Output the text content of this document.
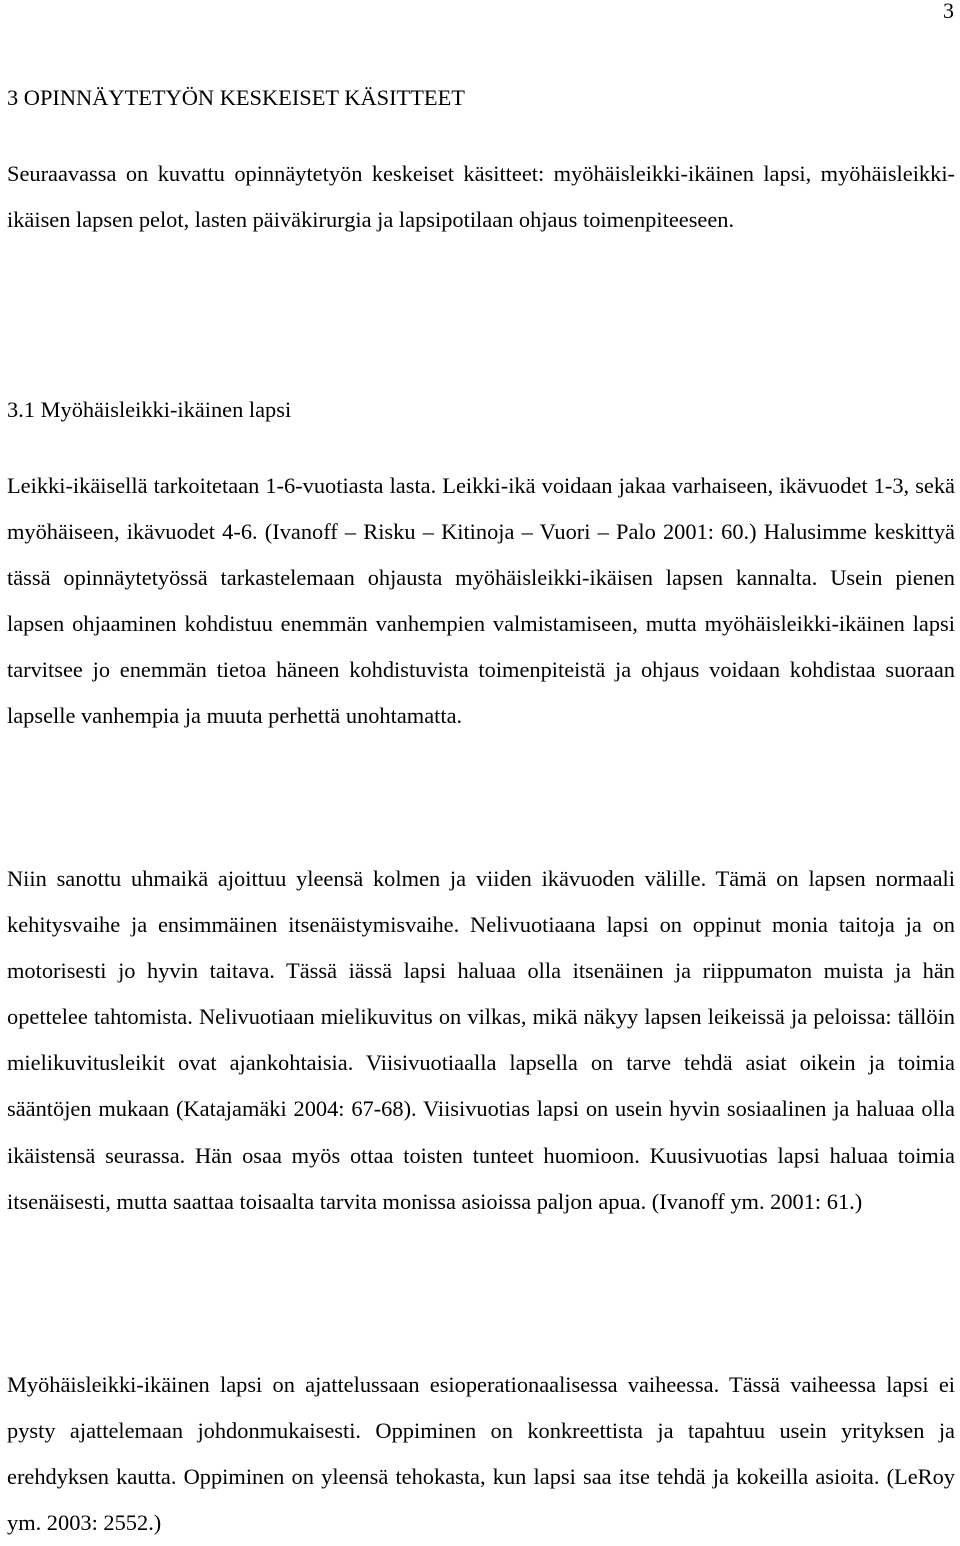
3
3 OPINNÄYTETYÖN KESKEISET KÄSITTEET

Seuraavassa on kuvattu opinnäytetyön keskeiset käsitteet: myöhäisleikki-ikäinen lapsi, myöhäisleikki-ikäisen lapsen pelot, lasten päiväkirurgia ja lapsipotilaan ohjaus toimenpiteeseen.

3.1 Myöhäisleikki-ikäinen lapsi

Leikki-ikäisellä tarkoitetaan 1-6-vuotiasta lasta. Leikki-ikä voidaan jakaa varhaiseen, ikävuodet 1-3, sekä myöhäiseen, ikävuodet 4-6. (Ivanoff – Risku – Kitinoja – Vuori – Palo 2001: 60.) Halusimme keskittyä tässä opinnäytetyössä tarkastelemaan ohjausta myöhäisleikki-ikäisen lapsen kannalta. Usein pienen lapsen ohjaaminen kohdistuu enemmän vanhempien valmistamiseen, mutta myöhäisleikki-ikäinen lapsi tarvitsee jo enemmän tietoa häneen kohdistuvista toimenpiteistä ja ohjaus voidaan kohdistaa suoraan lapselle vanhempia ja muuta perhettä unohtamatta.

Niin sanottu uhmaikä ajoittuu yleensä kolmen ja viiden ikävuoden välille. Tämä on lapsen normaali kehitysvaihe ja ensimmäinen itsenäistymisvaihe. Nelivuotiaana lapsi on oppinut monia taitoja ja on motorisesti jo hyvin taitava. Tässä iässä lapsi haluaa olla itsenäinen ja riippumaton muista ja hän opettelee tahtomista. Nelivuotiaan mielikuvitus on vilkas, mikä näkyy lapsen leikeissä ja peloissa: tällöin mielikuvitusleikit ovat ajankohtaisia. Viisivuotiaalla lapsella on tarve tehdä asiat oikein ja toimia sääntöjen mukaan (Katajamäki 2004: 67-68). Viisivuotias lapsi on usein hyvin sosiaalinen ja haluaa olla ikäistensä seurassa. Hän osaa myös ottaa toisten tunteet huomioon. Kuusivuotias lapsi haluaa toimia itsenäisesti, mutta saattaa toisaalta tarvita monissa asioissa paljon apua. (Ivanoff ym. 2001: 61.)

Myöhäisleikki-ikäinen lapsi on ajattelussaan esioperationaalisessa vaiheessa. Tässä vaiheessa lapsi ei pysty ajattelemaan johdonmukaisesti. Oppiminen on konkreettista ja tapahtuu usein yrityksen ja erehdyksen kautta. Oppiminen on yleensä tehokasta, kun lapsi saa itse tehdä ja kokeilla asioita. (LeRoy ym. 2003: 2552.)
